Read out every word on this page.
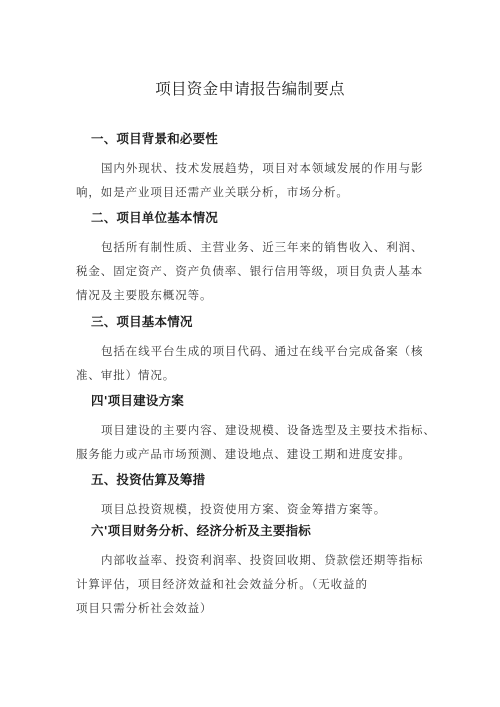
项目资金申请报告编制要点
一、项目背景和必要性
国内外现状、技术发展趋势，项目对本领域发展的作用与影
响，如是产业项目还需产业关联分析，市场分析。
二、项目单位基本情况
包括所有制性质、主营业务、近三年来的销售收入、利润、
税金、固定资产、资产负债率、银行信用等级，项目负责人基本
情况及主要股东概况等。
三、项目基本情况
包括在线平台生成的项目代码、通过在线平台完成备案（核
准、审批）情况。
四'项目建设方案
项目建设的主要内容、建设规模、设备选型及主要技术指标、
服务能力或产品市场预测、建设地点、建设工期和进度安排。
五、投资估算及筹措
项目总投资规模，投资使用方案、资金筹措方案等。
六'项目财务分析、经济分析及主要指标
内部收益率、投资利润率、投资回收期、贷款偿还期等指标
计算评估，项目经济效益和社会效益分析。（无收益的
项目只需分析社会效益）
